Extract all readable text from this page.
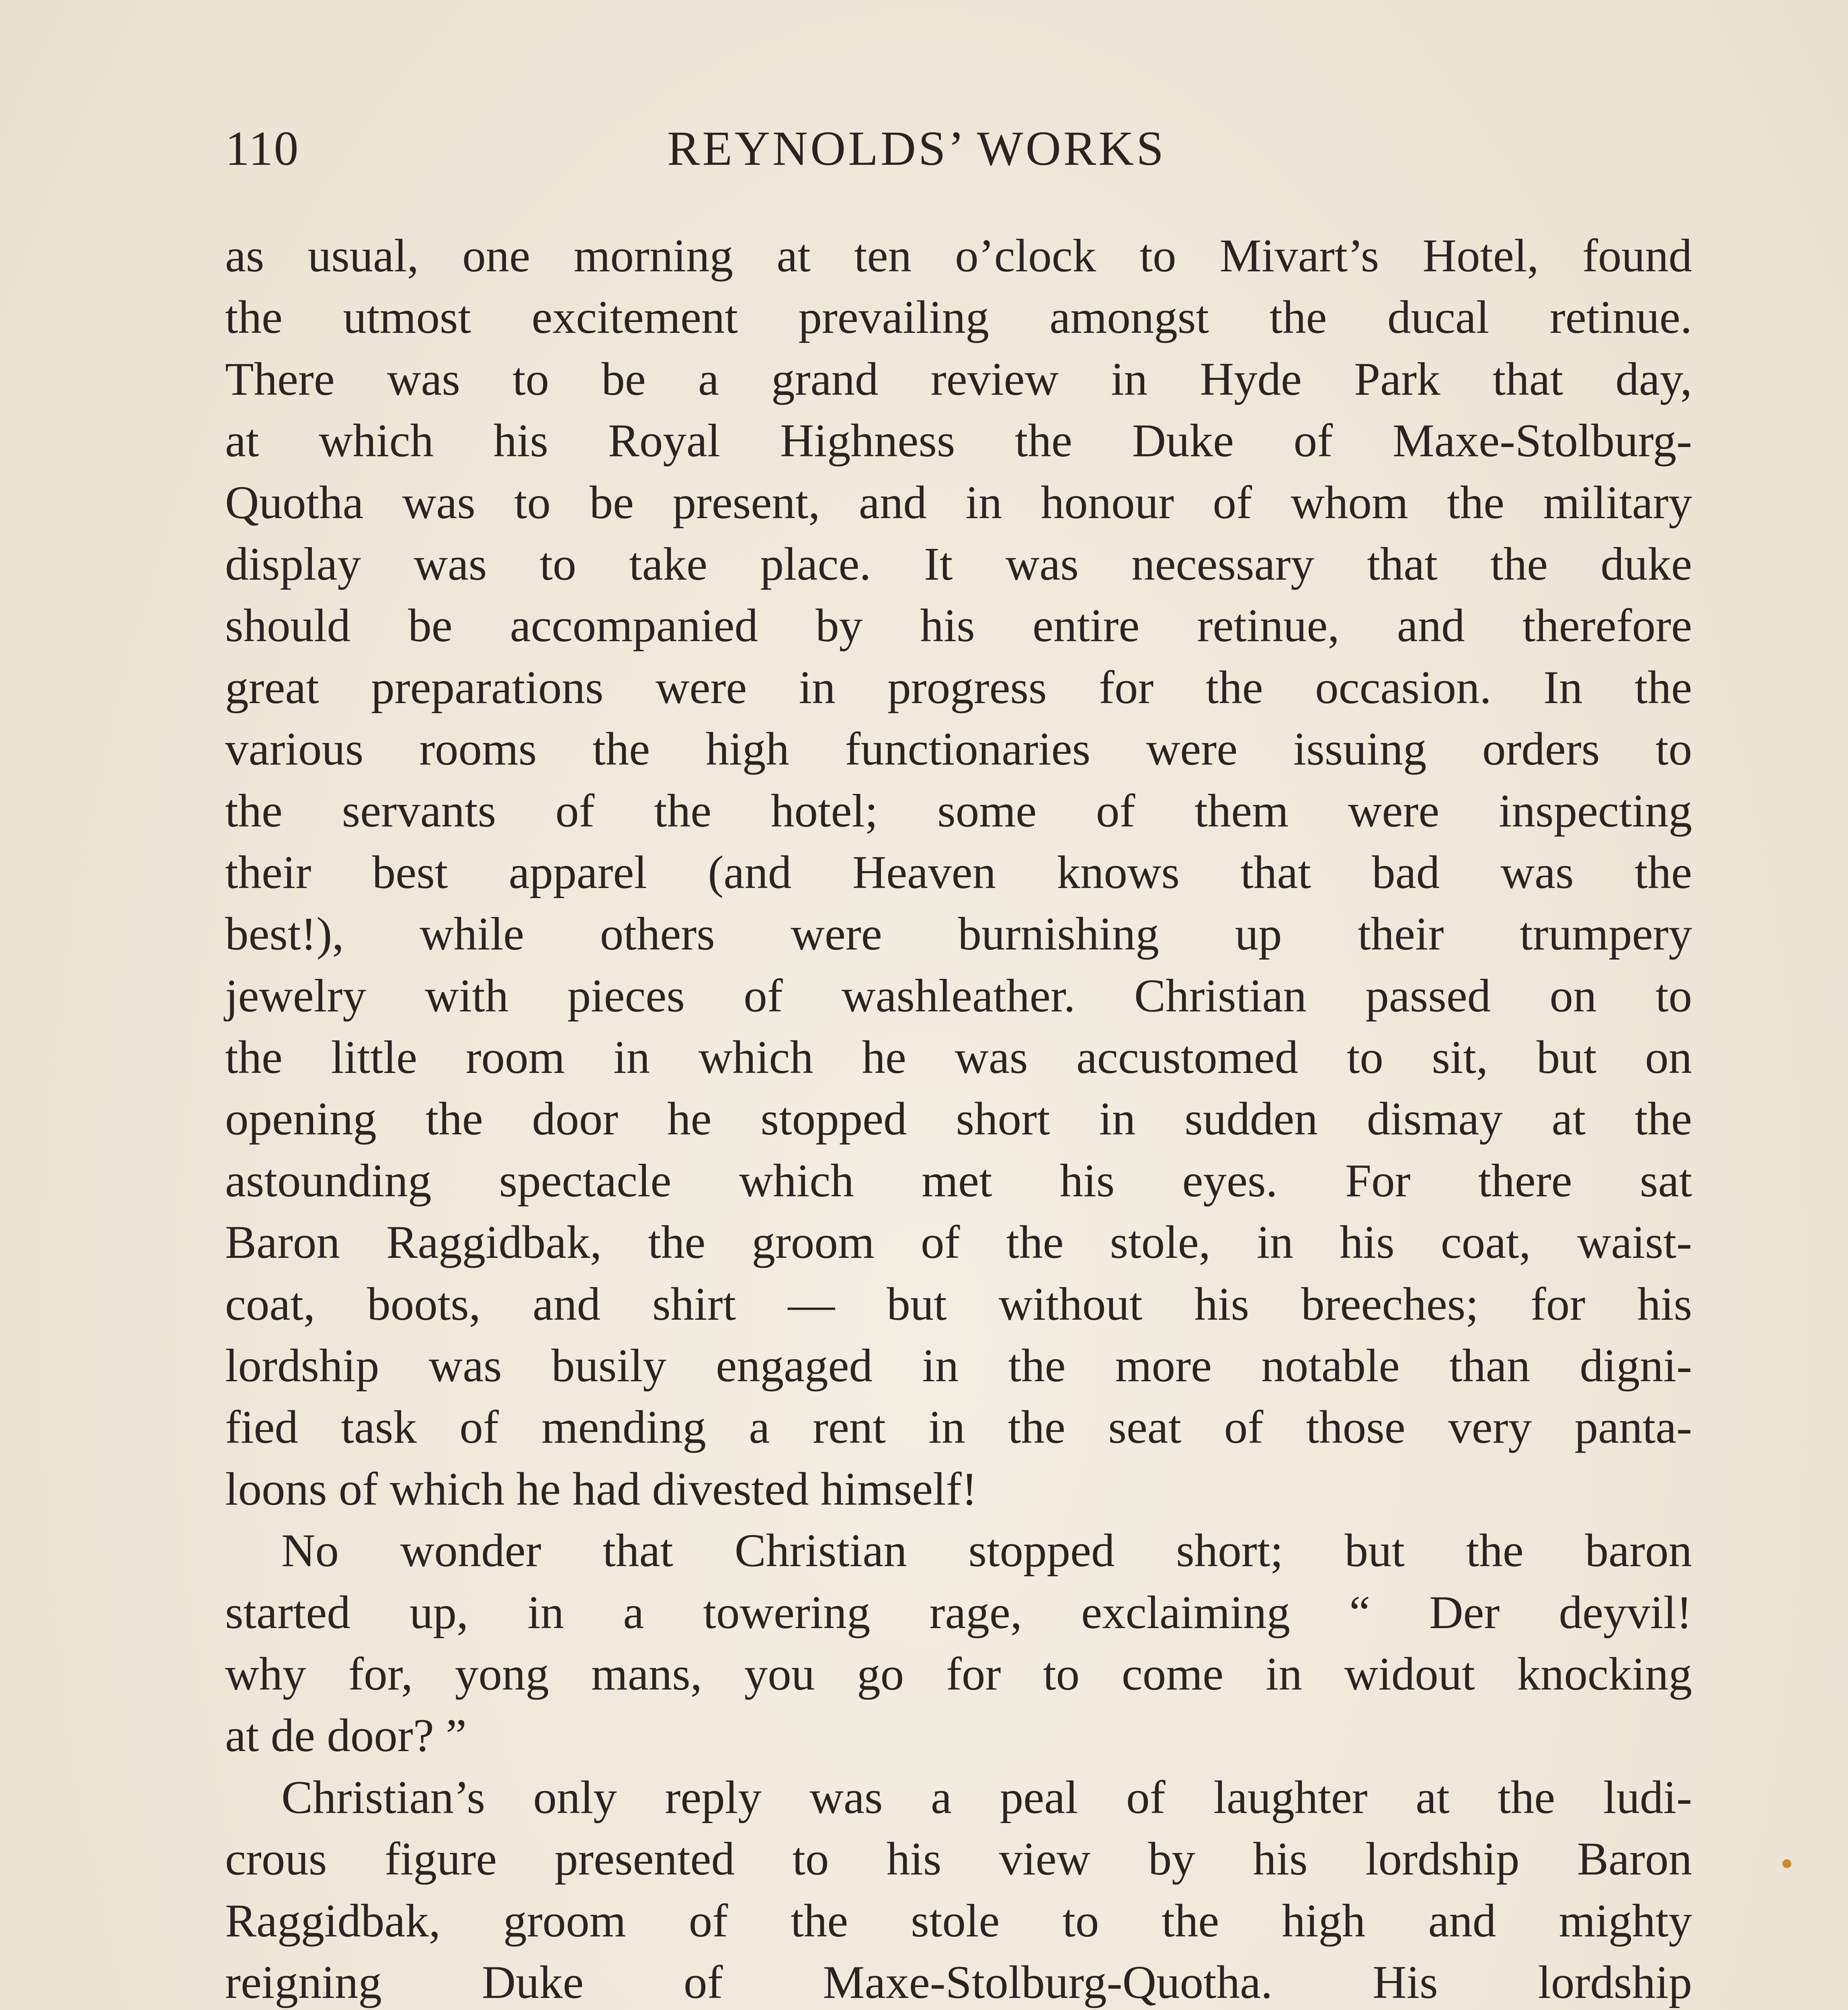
110	REYNOLDS’ WORKS
as usual, one morning at ten o’clock to Mivart’s Hotel, found
the utmost excitement prevailing amongst the ducal retinue.
There was to be a grand review in Hyde Park that day,
at which his Royal Highness the Duke of Maxe-Stolburg-
Quotha was to be present, and in honour of whom the military
display was to take place. It was necessary that the duke
should be accompanied by his entire retinue, and therefore
great preparations were in progress for the occasion. In the
various rooms the high functionaries were issuing orders to
the servants of the hotel; some of them were inspecting
their best apparel (and Heaven knows that bad was the
best!), while others were burnishing up their trumpery
jewelry with pieces of washleather. Christian passed on to
the little room in which he was accustomed to sit, but on
opening the door he stopped short in sudden dismay at the
astounding spectacle which met his eyes. For there sat
Baron Raggidbak, the groom of the stole, in his coat, waist-
coat, boots, and shirt — but without his breeches; for his
lordship was busily engaged in the more notable than digni-
fied task of mending a rent in the seat of those very panta-
loons of which he had divested himself!
No wonder that Christian stopped short; but the baron
started up, in a towering rage, exclaiming “ Der deyvil!
why for, yong mans, you go for to come in widout knocking
at de door? ”
Christian’s only reply was a peal of laughter at the ludi-
crous figure presented to his view by his lordship Baron
Raggidbak, groom of the stole to the high and mighty
reigning Duke of Maxe-Stolburg-Quotha. His lordship
